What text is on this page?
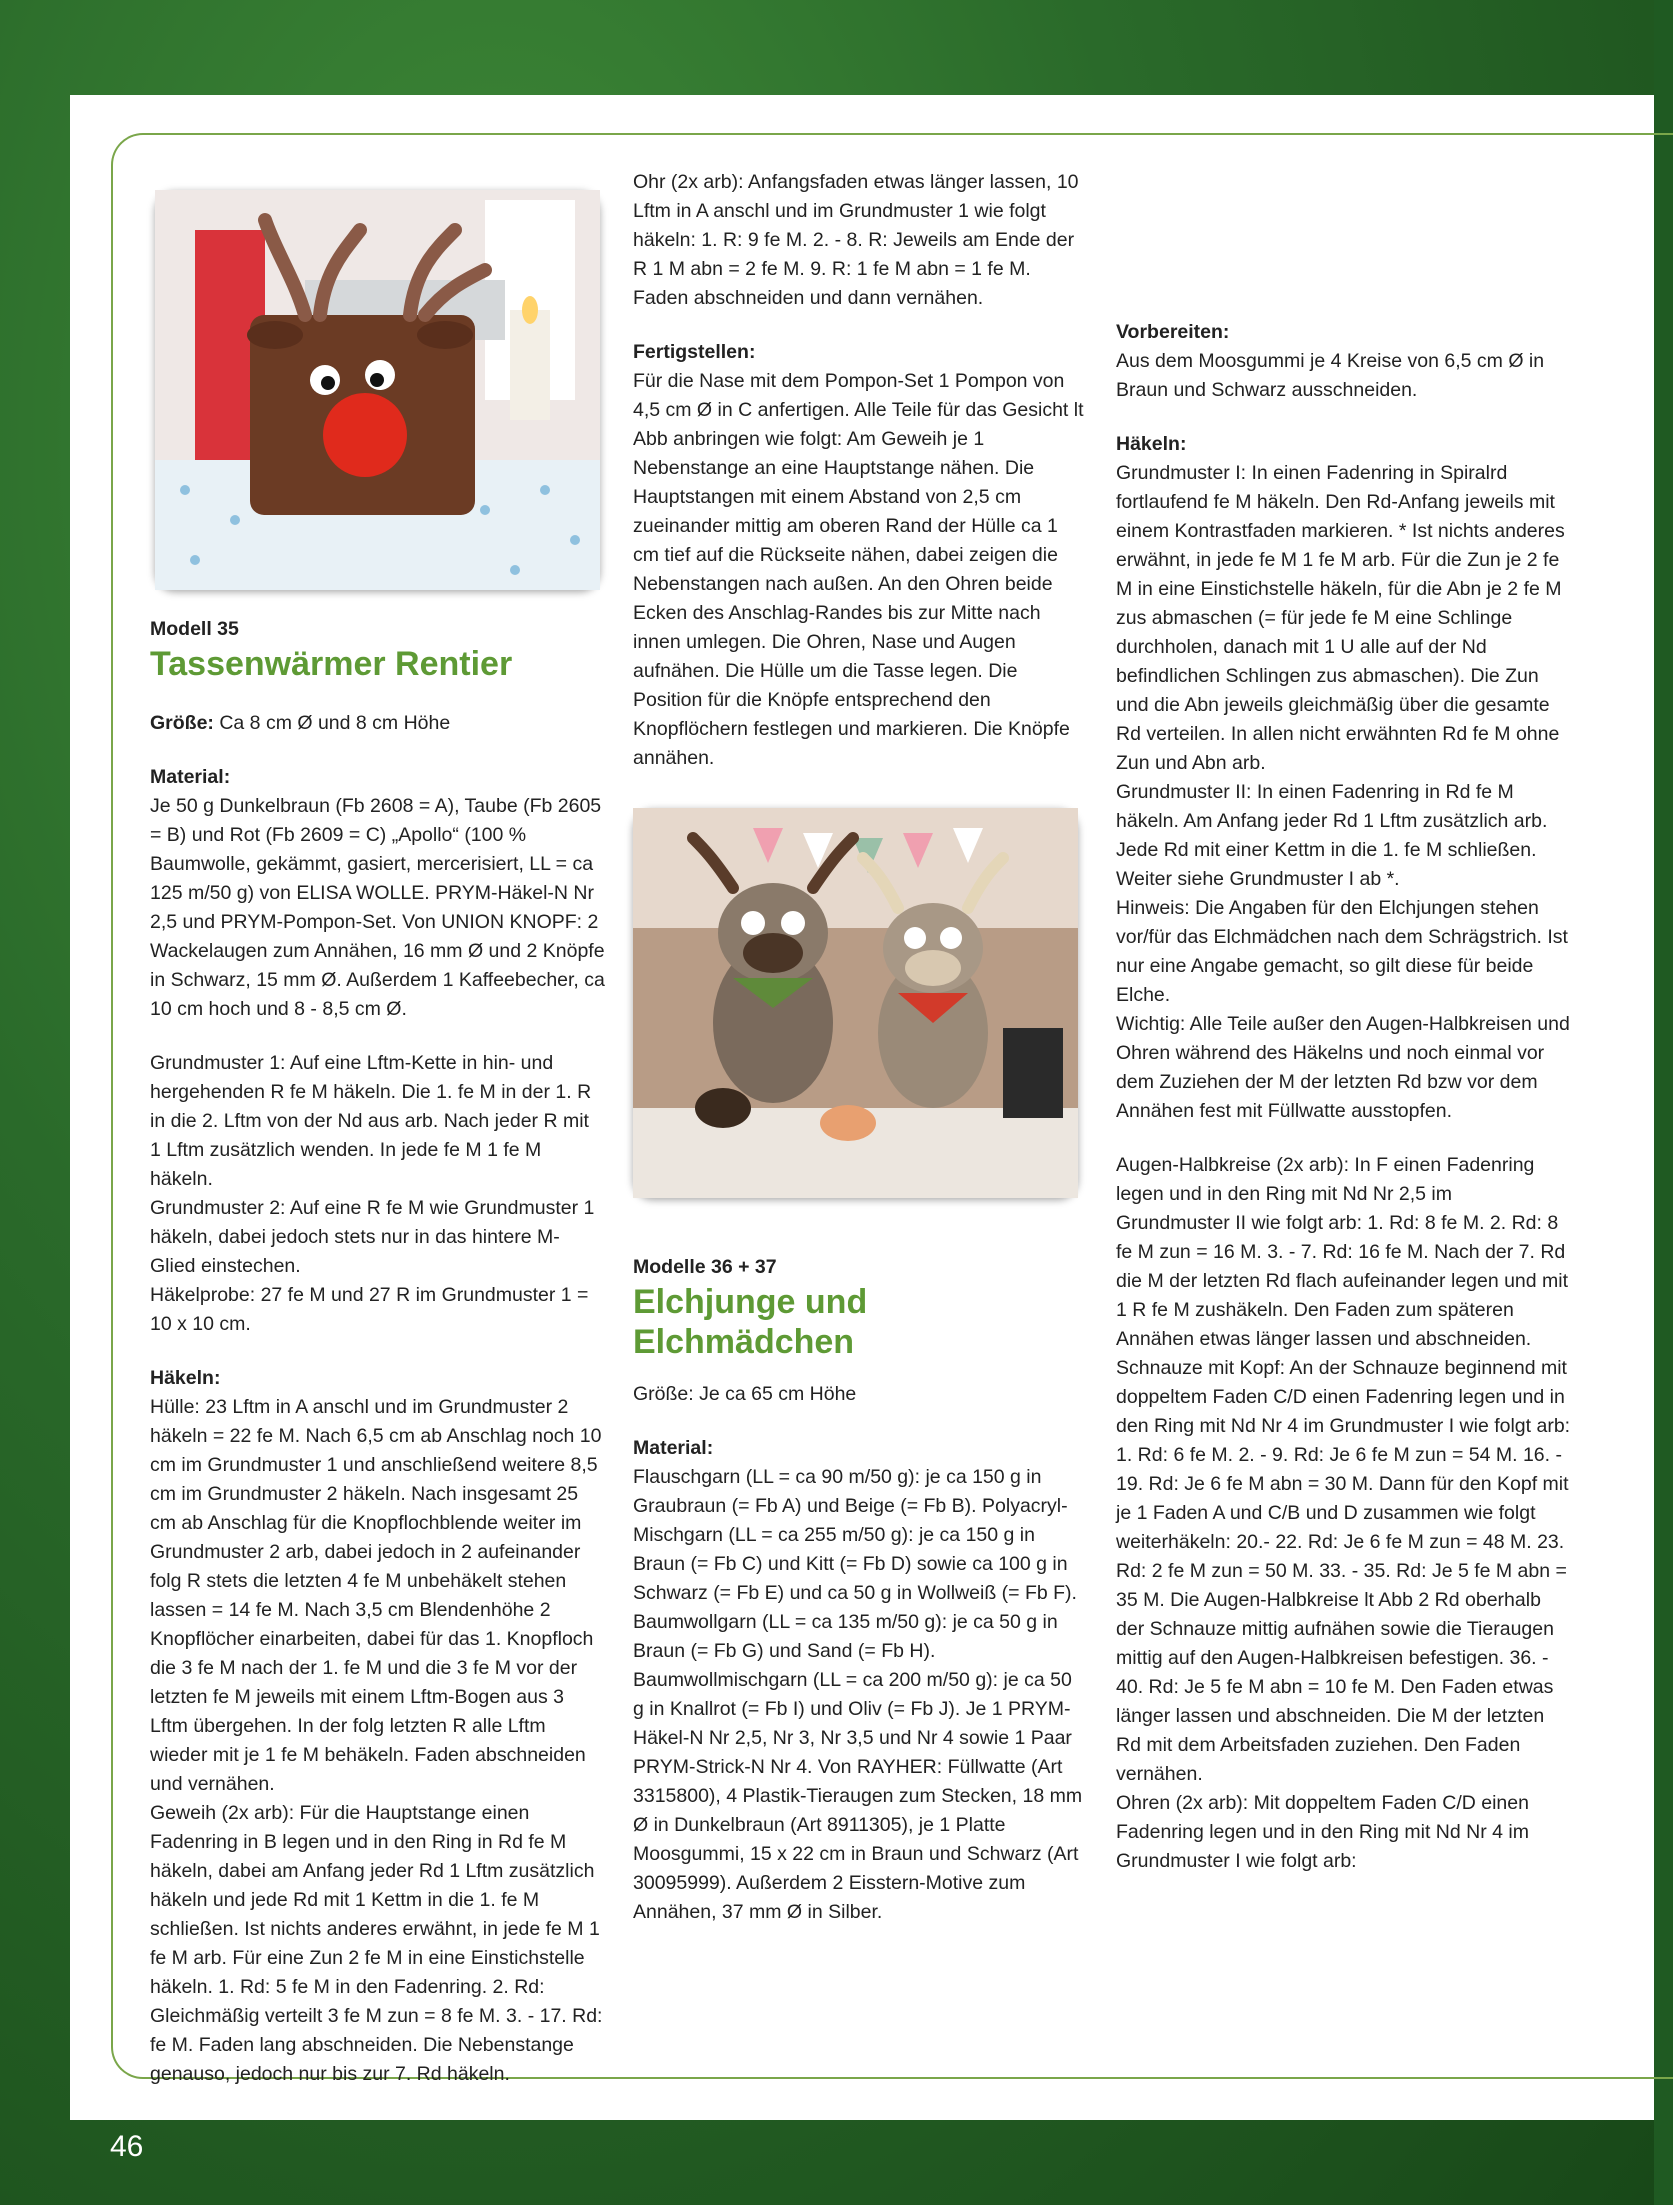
Modell 35

Tassenwärmer Rentier

Größe: Ca 8 cm Ø und 8 cm Höhe

Material:

Je 50 g Dunkelbraun (Fb 2608 = A), Taube (Fb 2605 = B) und Rot (Fb 2609 = C) „Apollo“ (100 % Baumwolle, gekämmt, gasiert, mercerisiert, LL = ca 125 m/50 g) von ELISA WOLLE. PRYM-Häkel-N Nr 2,5 und PRYM-Pompon-Set. Von UNION KNOPF: 2 Wackelaugen zum Annähen, 16 mm Ø und 2 Knöpfe in Schwarz, 15 mm Ø. Außerdem 1 Kaffeebecher, ca 10 cm hoch und 8 - 8,5 cm Ø.

Grundmuster 1: Auf eine Lftm-Kette in hin- und hergehenden R fe M häkeln. Die 1. fe M in der 1. R in die 2. Lftm von der Nd aus arb. Nach jeder R mit 1 Lftm zusätzlich wenden. In jede fe M 1 fe M häkeln.

Grundmuster 2: Auf eine R fe M wie Grundmuster 1 häkeln, dabei jedoch stets nur in das hintere M-Glied einstechen.

Häkelprobe: 27 fe M und 27 R im Grundmuster 1 = 10 x 10 cm.

Häkeln:

Hülle: 23 Lftm in A anschl und im Grundmuster 2 häkeln = 22 fe M. Nach 6,5 cm ab Anschlag noch 10 cm im Grundmuster 1 und anschließend weitere 8,5 cm im Grundmuster 2 häkeln. Nach insgesamt 25 cm ab Anschlag für die Knopflochblende weiter im Grundmuster 2 arb, dabei jedoch in 2 aufeinander folg R stets die letzten 4 fe M unbehäkelt stehen lassen = 14 fe M. Nach 3,5 cm Blendenhöhe 2 Knopflöcher einarbeiten, dabei für das 1. Knopfloch die 3 fe M nach der 1. fe M und die 3 fe M vor der letzten fe M jeweils mit einem Lftm-Bogen aus 3 Lftm übergehen. In der folg letzten R alle Lftm wieder mit je 1 fe M behäkeln. Faden abschneiden und vernähen.

Geweih (2x arb): Für die Hauptstange einen Fadenring in B legen und in den Ring in Rd fe M häkeln, dabei am Anfang jeder Rd 1 Lftm zusätzlich häkeln und jede Rd mit 1 Kettm in die 1. fe M schließen. Ist nichts anderes erwähnt, in jede fe M 1 fe M arb. Für eine Zun 2 fe M in eine Einstichstelle häkeln. 1. Rd: 5 fe M in den Fadenring. 2. Rd: Gleichmäßig verteilt 3 fe M zun = 8 fe M. 3. - 17. Rd: fe M. Faden lang abschneiden. Die Nebenstange genauso, jedoch nur bis zur 7. Rd häkeln.

Ohr (2x arb): Anfangsfaden etwas länger lassen, 10 Lftm in A anschl und im Grundmuster 1 wie folgt häkeln: 1. R: 9 fe M. 2. - 8. R: Jeweils am Ende der R 1 M abn = 2 fe M. 9. R: 1 fe M abn = 1 fe M. Faden abschneiden und dann vernähen.

Fertigstellen:

Für die Nase mit dem Pompon-Set 1 Pompon von 4,5 cm Ø in C anfertigen. Alle Teile für das Gesicht lt Abb anbringen wie folgt: Am Geweih je 1 Nebenstange an eine Hauptstange nähen. Die Hauptstangen mit einem Abstand von 2,5 cm zueinander mittig am oberen Rand der Hülle ca 1 cm tief auf die Rückseite nähen, dabei zeigen die Nebenstangen nach außen. An den Ohren beide Ecken des Anschlag-Randes bis zur Mitte nach innen umlegen. Die Ohren, Nase und Augen aufnähen. Die Hülle um die Tasse legen. Die Position für die Knöpfe entsprechend den Knopflöchern festlegen und markieren. Die Knöpfe annähen.

Modelle 36 + 37

Elchjunge und Elchmädchen

Größe: Je ca 65 cm Höhe

Material:

Flauschgarn (LL = ca 90 m/50 g): je ca 150 g in Graubraun (= Fb A) und Beige (= Fb B). Polyacryl-Mischgarn (LL = ca 255 m/50 g): je ca 150 g in Braun (= Fb C) und Kitt (= Fb D) sowie ca 100 g in Schwarz (= Fb E) und ca 50 g in Wollweiß (= Fb F). Baumwollgarn (LL = ca 135 m/50 g): je ca 50 g in Braun (= Fb G) und Sand (= Fb H). Baumwollmischgarn (LL = ca 200 m/50 g): je ca 50 g in Knallrot (= Fb I) und Oliv (= Fb J). Je 1 PRYM-Häkel-N Nr 2,5, Nr 3, Nr 3,5 und Nr 4 sowie 1 Paar PRYM-Strick-N Nr 4. Von RAYHER: Füllwatte (Art 3315800), 4 Plastik-Tieraugen zum Stecken, 18 mm Ø in Dunkelbraun (Art 8911305), je 1 Platte Moosgummi, 15 x 22 cm in Braun und Schwarz (Art 30095999). Außerdem 2 Eisstern-Motive zum Annähen, 37 mm Ø in Silber.

Vorbereiten:

Aus dem Moosgummi je 4 Kreise von 6,5 cm Ø in Braun und Schwarz ausschneiden.

Häkeln:

Grundmuster I: In einen Fadenring in Spiralrd fortlaufend fe M häkeln. Den Rd-Anfang jeweils mit einem Kontrastfaden markieren. * Ist nichts anderes erwähnt, in jede fe M 1 fe M arb. Für die Zun je 2 fe M in eine Einstichstelle häkeln, für die Abn je 2 fe M zus abmaschen (= für jede fe M eine Schlinge durchholen, danach mit 1 U alle auf der Nd befindlichen Schlingen zus abmaschen). Die Zun und die Abn jeweils gleichmäßig über die gesamte Rd verteilen. In allen nicht erwähnten Rd fe M ohne Zun und Abn arb.

Grundmuster II: In einen Fadenring in Rd fe M häkeln. Am Anfang jeder Rd 1 Lftm zusätzlich arb. Jede Rd mit einer Kettm in die 1. fe M schließen. Weiter siehe Grundmuster I ab *.

Hinweis: Die Angaben für den Elchjungen stehen vor/für das Elchmädchen nach dem Schrägstrich. Ist nur eine Angabe gemacht, so gilt diese für beide Elche.

Wichtig: Alle Teile außer den Augen-Halbkreisen und Ohren während des Häkelns und noch einmal vor dem Zuziehen der M der letzten Rd bzw vor dem Annähen fest mit Füllwatte ausstopfen.

Augen-Halbkreise (2x arb): In F einen Fadenring legen und in den Ring mit Nd Nr 2,5 im Grundmuster II wie folgt arb: 1. Rd: 8 fe M. 2. Rd: 8 fe M zun = 16 M. 3. - 7. Rd: 16 fe M. Nach der 7. Rd die M der letzten Rd flach aufeinander legen und mit 1 R fe M zushäkeln. Den Faden zum späteren Annähen etwas länger lassen und abschneiden.

Schnauze mit Kopf: An der Schnauze beginnend mit doppeltem Faden C/D einen Fadenring legen und in den Ring mit Nd Nr 4 im Grundmuster I wie folgt arb: 1. Rd: 6 fe M. 2. - 9. Rd: Je 6 fe M zun = 54 M. 16. - 19. Rd: Je 6 fe M abn = 30 M. Dann für den Kopf mit je 1 Faden A und C/B und D zusammen wie folgt weiterhäkeln: 20.- 22. Rd: Je 6 fe M zun = 48 M. 23. Rd: 2 fe M zun = 50 M. 33. - 35. Rd: Je 5 fe M abn = 35 M. Die Augen-Halbkreise lt Abb 2 Rd oberhalb der Schnauze mittig aufnähen sowie die Tieraugen mittig auf den Augen-Halbkreisen befestigen. 36. - 40. Rd: Je 5 fe M abn = 10 fe M. Den Faden etwas länger lassen und abschneiden. Die M der letzten Rd mit dem Arbeitsfaden zuziehen. Den Faden vernähen.

Ohren (2x arb): Mit doppeltem Faden C/D einen Fadenring legen und in den Ring mit Nd Nr 4 im Grundmuster I wie folgt arb:

46
